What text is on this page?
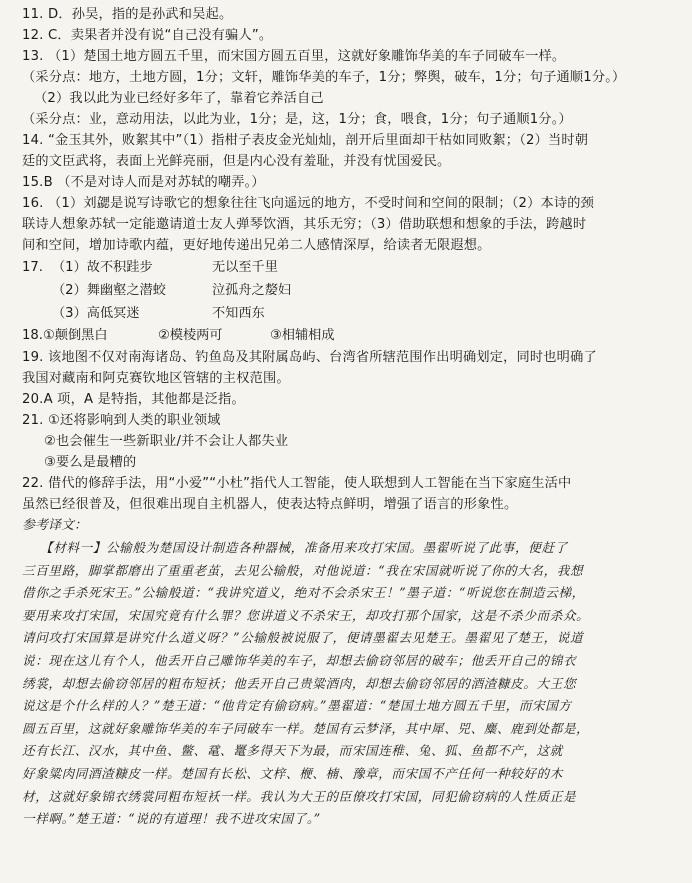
11. D．孙吴，指的是孙武和吴起。
12. C．卖果者并没有说“自己没有骗人”。
13. （1）楚国土地方圆五千里，而宋国方圆五百里，这就好象雕饰华美的车子同破车一样。
（采分点：地方，土地方圆，1分；文轩，雕饰华美的车子，1分；弊舆，破车，1分；句子通顺1分。）
（2）我以此为业已经好多年了，靠着它养活自己
（采分点：业，意动用法，以此为业，1分；是，这，1分；食，喂食，1分；句子通顺1分。）
14. “金玉其外，败絮其中”（1）指柑子表皮金光灿灿，剖开后里面却干枯如同败絮；（2）当时朝
廷的文臣武将，表面上光鲜亮丽，但是内心没有羞耻，并没有忧国爱民。
15.B （不是对诗人而是对苏轼的嘲弄。）
16. （1）刘勰是说写诗歌它的想象往往飞向遥远的地方，不受时间和空间的限制；（2）本诗的颈
联诗人想象苏轼一定能邀请道士友人弹琴饮酒，其乐无穷；（3）借助联想和想象的手法，跨越时
间和空间，增加诗歌内蕴，更好地传递出兄弟二人感情深厚，给读者无限遐想。
17. （1）故不积跬步	无以至千里
（2）舞幽壑之潜蛟	泣孤舟之嫠妇
（3）高低冥迷	不知西东
18.①颠倒黑白	②模棱两可	③相辅相成
19. 该地图不仅对南海诸岛、钓鱼岛及其附属岛屿、台湾省所辖范围作出明确划定，同时也明确了
我国对藏南和阿克赛钦地区管辖的主权范围。
20.A 项，A 是特指，其他都是泛指。
21. ①还将影响到人类的职业领域
②也会催生一些新职业/并不会让人都失业
③要么是最糟的
22. 借代的修辞手法，用“小爱”“小杜”指代人工智能，使人联想到人工智能在当下家庭生活中
虽然已经很普及，但很难出现自主机器人，使表达特点鲜明，增强了语言的形象性。
参考译文：
【材料一】公输般为楚国设计制造各种器械，准备用来攻打宋国。墨翟听说了此事，便赶了
三百里路，脚掌都磨出了重重老茧，去见公输般，对他说道：“我在宋国就听说了你的大名，我想
借你之手杀死宋王。”公输般道：“我讲究道义，绝对不会杀宋王！”墨子道：“听说您在制造云梯，
要用来攻打宋国，宋国究竟有什么罪？您讲道义不杀宋王，却攻打那个国家，这是不杀少而杀众。
请问攻打宋国算是讲究什么道义呀？”公输般被说服了，便请墨翟去见楚王。墨翟见了楚王，说道
说：现在这儿有个人，他丢开自己雕饰华美的车子，却想去偷窃邻居的破车；他丢开自己的锦衣
绣裳，却想去偷窃邻居的粗布短袄；他丢开自己贵粱酒肉，却想去偷窃邻居的酒渣糠皮。大王您
说这是个什么样的人？”楚王道：“他肯定有偷窃病。”墨翟道：“楚国土地方圆五千里，而宋国方
圆五百里，这就好象雕饰华美的车子同破车一样。楚国有云梦泽，其中犀、兕、麋、鹿到处都是，
还有长江、汉水，其中鱼、鳖、鼋、鼍多得天下为最，而宋国连稚、兔、狐、鱼都不产，这就
好象粱肉同酒渣糠皮一样。楚国有长松、文梓、楩、楠、豫章，而宋国不产任何一种较好的木
材，这就好象锦衣绣裳同粗布短袄一样。我认为大王的臣僚攻打宋国，同犯偷窃病的人性质正是
一样啊。”楚王道：“说的有道理！我不进攻宋国了。”
